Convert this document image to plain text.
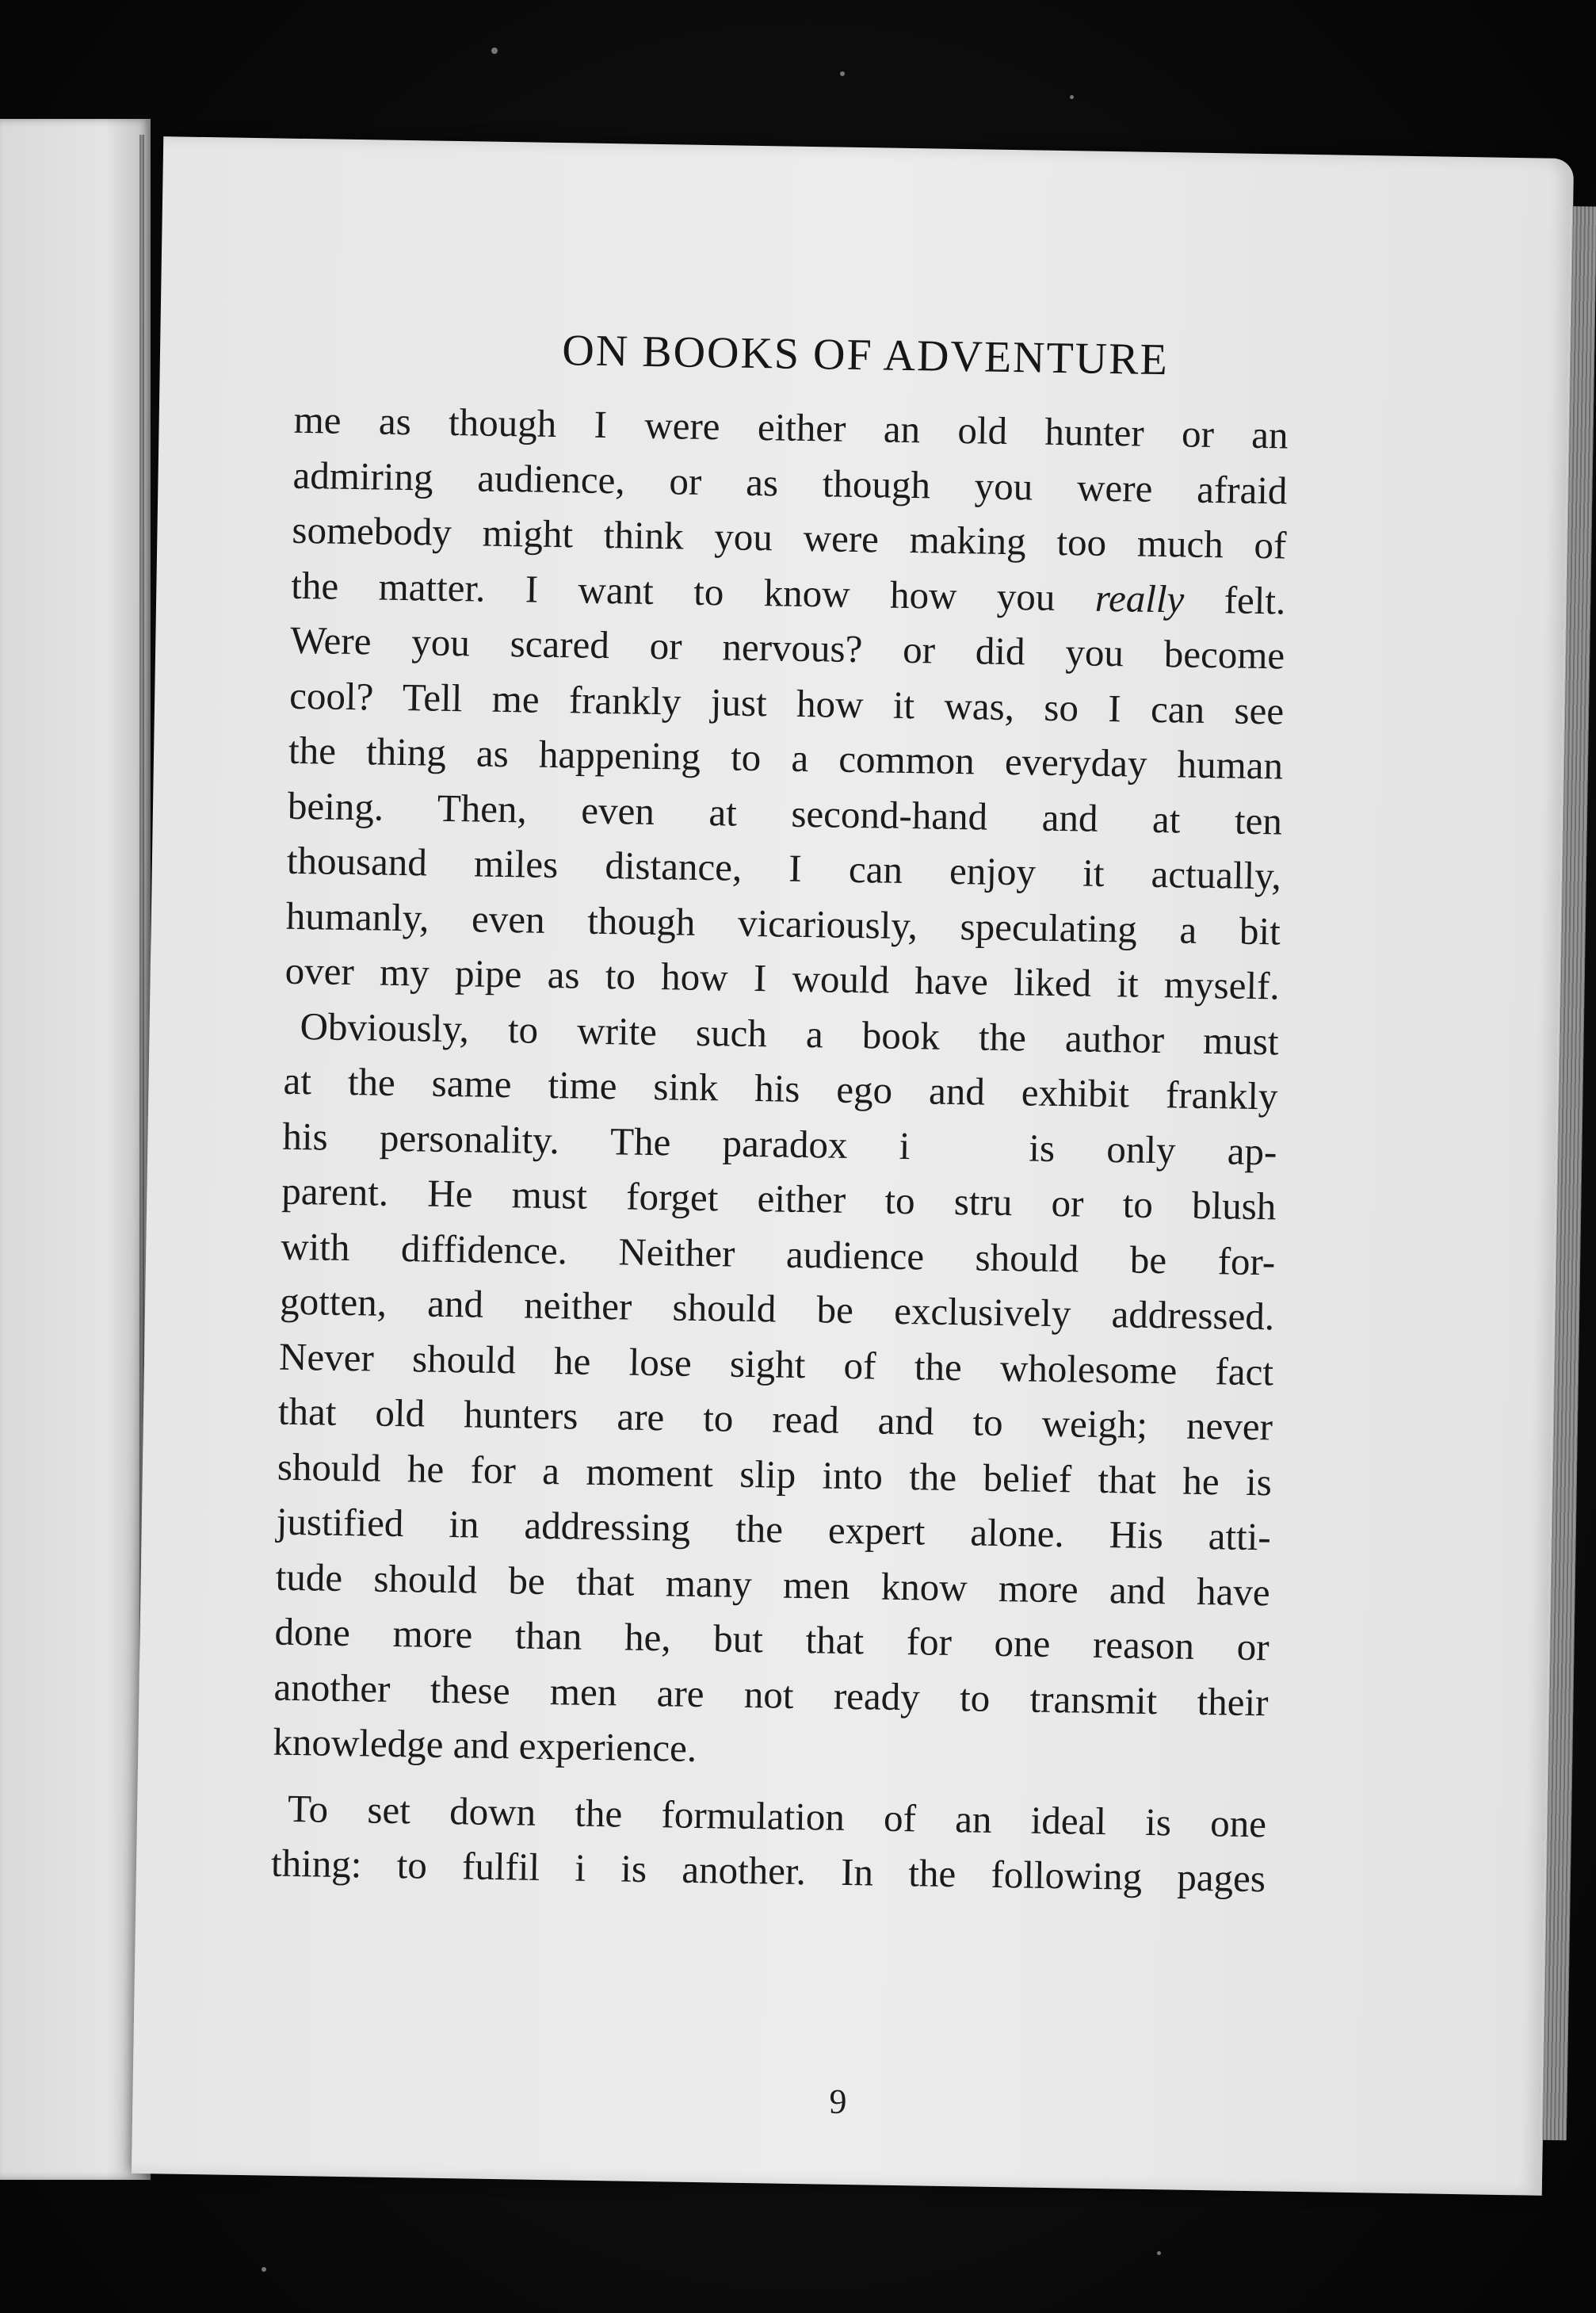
ON BOOKS OF ADVENTURE
me as though I were either an old hunter or an
admiring audience, or as though you were afraid
somebody might think you were making too much of
the matter. I want to know how you really felt.
Were you scared or nervous? or did you become
cool? Tell me frankly just how it was, so I can see
the thing as happening to a common everyday human
being. Then, even at second-hand and at ten
thousand miles distance, I can enjoy it actually,
humanly, even though vicariously, speculating a bit
over my pipe as to how I would have liked it myself.
Obviously, to write such a book the author must
at the same time sink his ego and exhibit frankly
his personality. The paradox i	is only ap-
parent. He must forget either to stru or to blush
with diffidence. Neither audience should be for-
gotten, and neither should be exclusively addressed.
Never should he lose sight of the wholesome fact
that old hunters are to read and to weigh; never
should he for a moment slip into the belief that he is
justified in addressing the expert alone. His atti-
tude should be that many men know more and have
done more than he, but that for one reason or
another these men are not ready to transmit their
knowledge and experience.
To set down the formulation of an ideal is one
thing: to fulfil i is another. In the following pages
9
